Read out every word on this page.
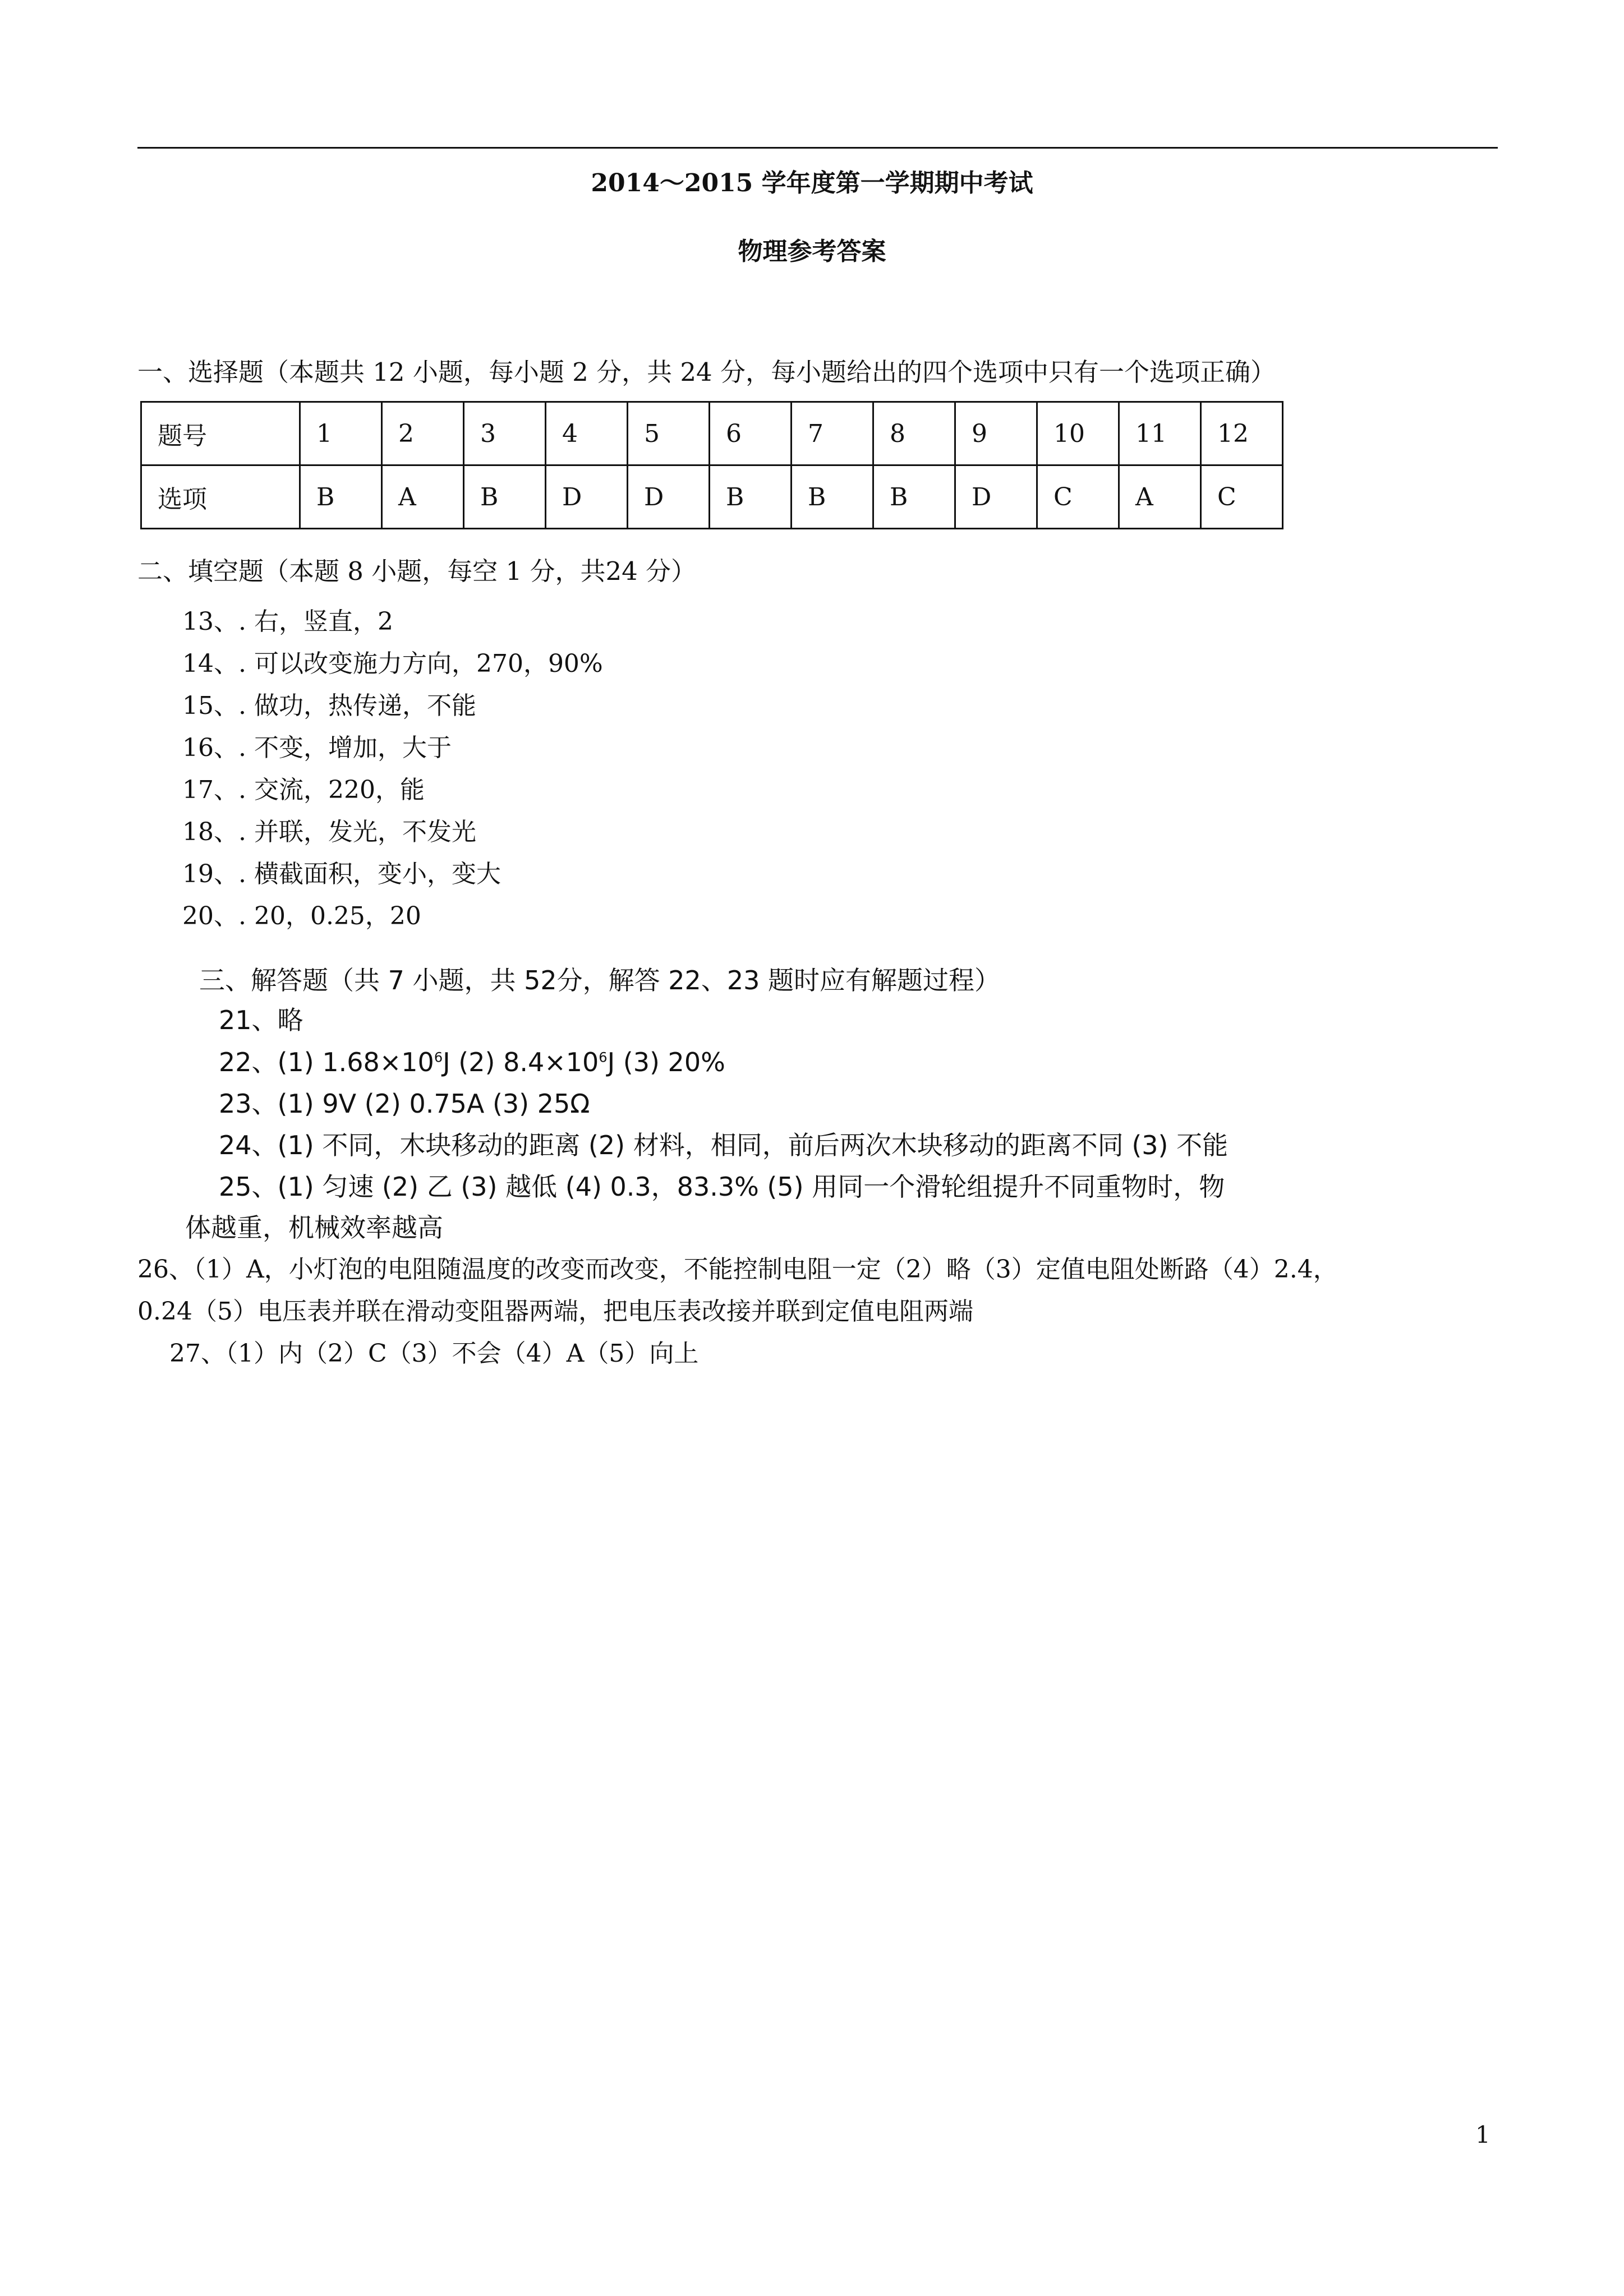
2014～2015 学年度第一学期期中考试
物理参考答案
一、选择题（本题共 12 小题，每小题 2 分，共 24 分，每小题给出的四个选项中只有一个选项正确）
题号	1	2	3	4	5	6	7	8	9	10	11	12
选项	B	A	B	D	D	B	B	B	D	C	A	C
二、填空题（本题 8 小题，每空 1 分，共24 分）
13、. 右，竖直，2
14、. 可以改变施力方向，270，90%
15、. 做功，热传递，不能
16、. 不变，增加，大于
17、. 交流，220，能
18、. 并联，发光，不发光
19、. 横截面积，变小，变大
20、. 20，0.25，20
三、解答题（共 7 小题，共 52分，解答 22、23 题时应有解题过程）
21、略
22、(1) $1.68\times 10^6J$ (2) $8.4\times 10^6J$ (3) 20%
23、(1) 9V (2) 0.75A (3) 25Ω
24、(1) 不同，木块移动的距离 (2) 材料，相同，前后两次木块移动的距离不同 (3) 不能
25、(1) 匀速 (2) 乙 (3) 越低 (4) 0.3，83.3% (5) 用同一个滑轮组提升不同重物时，物
体越重，机械效率越高
26、（1）A，小灯泡的电阻随温度的改变而改变，不能控制电阻一定（2）略（3）定值电阻处断路（4）2.4，
0.24（5）电压表并联在滑动变阻器两端，把电压表改接并联到定值电阻两端
27、（1）内（2）C（3）不会（4）A（5）向上
1
